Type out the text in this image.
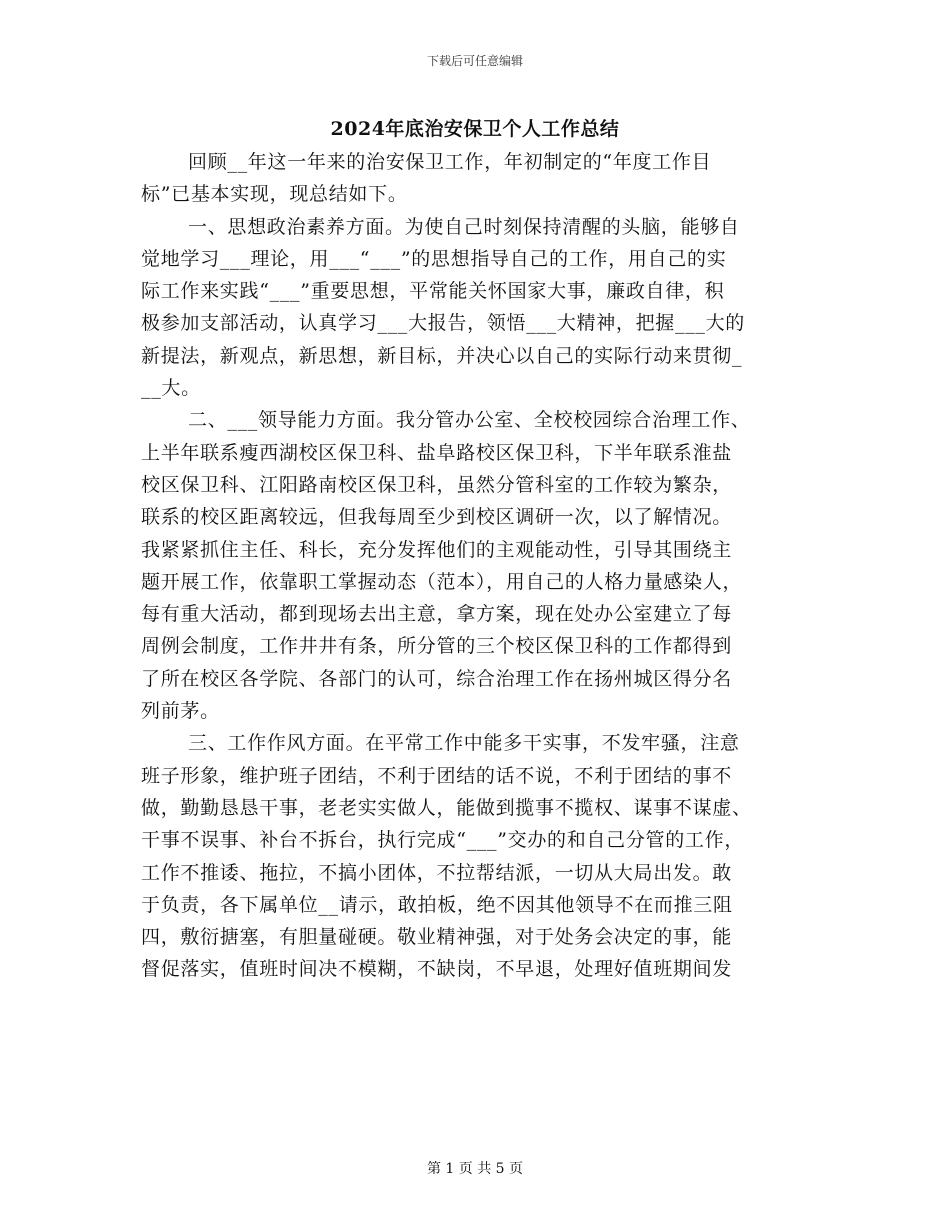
下载后可任意编辑
2024年底治安保卫个人工作总结
回顾__年这一年来的治安保卫工作，年初制定的“年度工作目
标”已基本实现，现总结如下。
一、思想政治素养方面。为使自己时刻保持清醒的头脑，能够自
觉地学习___理论，用___“___”的思想指导自己的工作，用自己的实
际工作来实践“___”重要思想，平常能关怀国家大事，廉政自律，积
极参加支部活动，认真学习___大报告，领悟___大精神，把握___大的
新提法，新观点，新思想，新目标，并决心以自己的实际行动来贯彻_
__大。
二、___领导能力方面。我分管办公室、全校校园综合治理工作、
上半年联系瘦西湖校区保卫科、盐阜路校区保卫科，下半年联系淮盐
校区保卫科、江阳路南校区保卫科，虽然分管科室的工作较为繁杂，
联系的校区距离较远，但我每周至少到校区调研一次，以了解情况。
我紧紧抓住主任、科长，充分发挥他们的主观能动性，引导其围绕主
题开展工作，依靠职工掌握动态（范本），用自己的人格力量感染人，
每有重大活动，都到现场去出主意，拿方案，现在处办公室建立了每
周例会制度，工作井井有条，所分管的三个校区保卫科的工作都得到
了所在校区各学院、各部门的认可，综合治理工作在扬州城区得分名
列前茅。
三、工作作风方面。在平常工作中能多干实事，不发牢骚，注意
班子形象，维护班子团结，不利于团结的话不说，不利于团结的事不
做，勤勤恳恳干事，老老实实做人，能做到揽事不揽权、谋事不谋虚、
干事不误事、补台不拆台，执行完成“___”交办的和自己分管的工作，
工作不推诿、拖拉，不搞小团体，不拉帮结派，一切从大局出发。敢
于负责，各下属单位__请示，敢拍板，绝不因其他领导不在而推三阻
四，敷衍搪塞，有胆量碰硬。敬业精神强，对于处务会决定的事，能
督促落实，值班时间决不模糊，不缺岗，不早退，处理好值班期间发
第 1 页 共 5 页
